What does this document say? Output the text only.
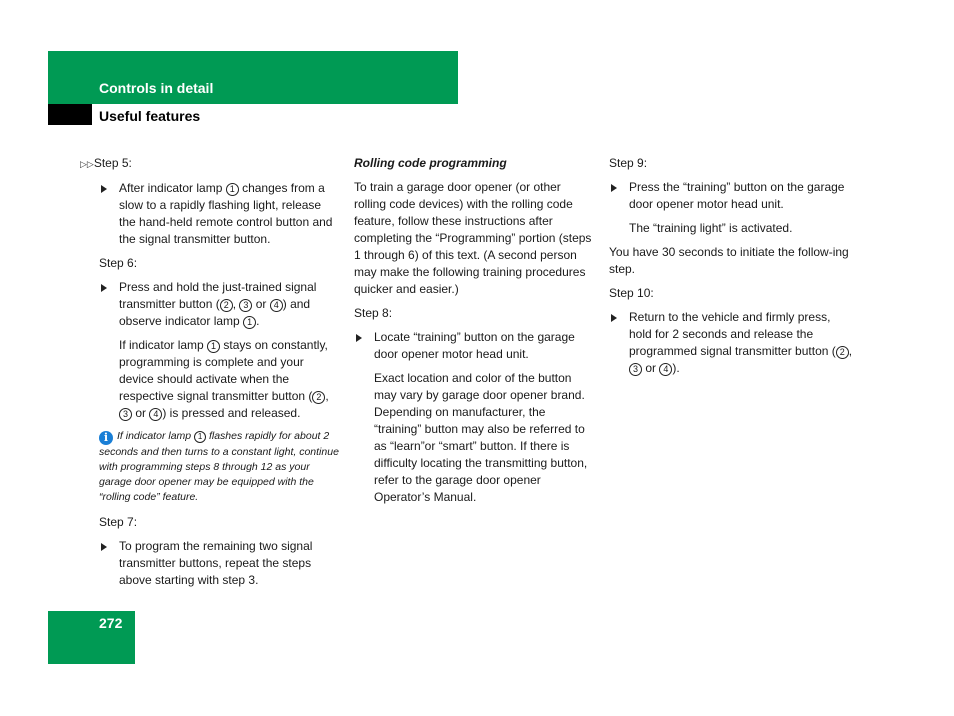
Controls in detail
Useful features
▷▷Step 5:
After indicator lamp 1 changes from a slow to a rapidly flashing light, release the hand-held remote control button and the signal transmitter button.
Step 6:
Press and hold the just-trained signal transmitter button ( 2 , 3 or 4 ) and observe indicator lamp 1 .
If indicator lamp 1 stays on constantly, programming is complete and your device should activate when the respective signal transmitter button ( 2 , 3 or 4 ) is pressed and released.
i If indicator lamp 1 flashes rapidly for about 2 seconds and then turns to a constant light, continue with programming steps 8 through 12 as your garage door opener may be equipped with the “rolling code” feature.
Step 7:
To program the remaining two signal transmitter buttons, repeat the steps above starting with step 3.
Rolling code programming
To train a garage door opener (or other rolling code devices) with the rolling code feature, follow these instructions after completing the “Programming” portion (steps 1 through 6) of this text. (A second person may make the following training procedures quicker and easier.)
Step 8:
Locate “training” button on the garage door opener motor head unit.
Exact location and color of the button may vary by garage door opener brand. Depending on manufacturer, the “training” button may also be referred to as “learn”or “smart” button. If there is difficulty locating the transmitting button, refer to the garage door opener Operator’s Manual.
Step 9:
Press the “training” button on the garage door opener motor head unit.
The “training light” is activated.
You have 30 seconds to initiate the follow-ing step.
Step 10:
Return to the vehicle and firmly press, hold for 2 seconds and release the programmed signal transmitter button ( 2 , 3 or 4 ).
272
